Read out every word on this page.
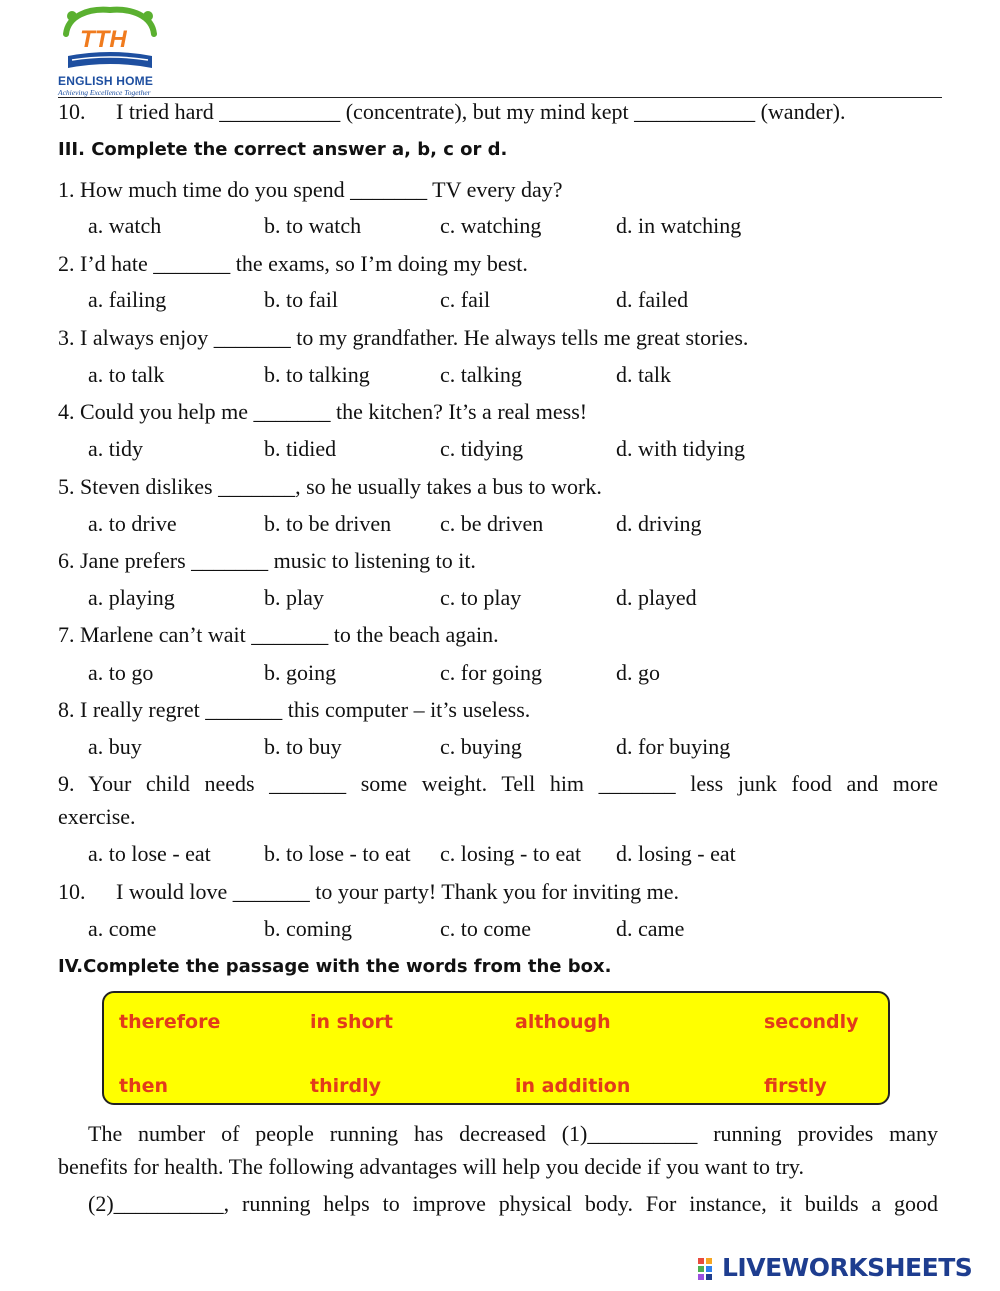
TTH
ENGLISH HOME
Achieving Excellence Together
10. I tried hard ___________ (concentrate), but my mind kept ___________ (wander).
III. Complete the correct answer a, b, c or d.
1. How much time do you spend _______ TV every day?
a. watch	b. to watch	c. watching	d. in watching
2. I’d hate _______ the exams, so I’m doing my best.
a. failing	b. to fail	c. fail	d. failed
3. I always enjoy _______ to my grandfather. He always tells me great stories.
a. to talk	b. to talking	c. talking	d. talk
4. Could you help me _______ the kitchen? It’s a real mess!
a. tidy	b. tidied	c. tidying	d. with tidying
5. Steven dislikes _______, so he usually takes a bus to work.
a. to drive	b. to be driven c. be driven	d. driving
6. Jane prefers _______ music to listening to it.
a. playing	b. play	c. to play	d. played
7. Marlene can’t wait _______ to the beach again.
a. to go	b. going	c. for going	d. go
8. I really regret _______ this computer – it’s useless.
a. buy	b. to buy	c. buying	d. for buying
9. Your child needs _______ some weight. Tell him _______ less junk food and more
exercise.
a. to lose - eat b. to lose - to eat c. losing - to eat d. losing - eat
10. I would love _______ to your party! Thank you for inviting me.
a. come	b. coming	c. to come	d. came
IV.Complete the passage with the words from the box.
therefore	in short	although	secondly
then	thirdly	in addition	firstly
The number of people running has decreased (1)__________ running provides many
benefits for health. The following advantages will help you decide if you want to try.
(2)__________, running helps to improve physical body. For instance, it builds a good
LIVEWORKSHEETS
